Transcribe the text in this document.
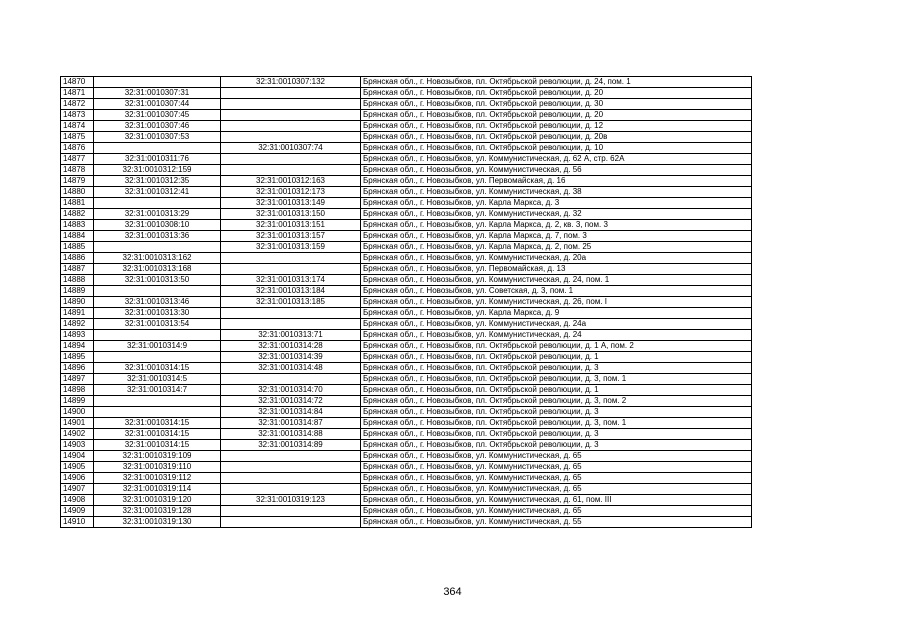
14870		32:31:0010307:132	Брянская обл., г. Новозыбков, пл. Октябрьской революции, д. 24, пом. 1
14871	32:31:0010307:31		Брянская обл., г. Новозыбков, пл. Октябрьской революции, д. 20
14872	32:31:0010307:44		Брянская обл., г. Новозыбков, пл. Октябрьской революции, д. 30
14873	32:31:0010307:45		Брянская обл., г. Новозыбков, пл. Октябрьской революции, д. 20
14874	32:31:0010307:46		Брянская обл., г. Новозыбков, пл. Октябрьской революции, д. 12
14875	32:31:0010307:53		Брянская обл., г. Новозыбков, пл. Октябрьской революции, д. 20в
14876		32:31:0010307:74	Брянская обл., г. Новозыбков, пл. Октябрьской революции, д. 10
14877	32:31:0010311:76		Брянская обл., г. Новозыбков, ул. Коммунистическая, д. 62 А, стр. 62А
14878	32:31:0010312:159		Брянская обл., г. Новозыбков, ул. Коммунистическая, д. 56
14879	32:31:0010312:35	32:31:0010312:163	Брянская обл., г. Новозыбков, ул. Первомайская, д. 16
14880	32:31:0010312:41	32:31:0010312:173	Брянская обл., г. Новозыбков, ул. Коммунистическая, д. 38
14881		32:31:0010313:149	Брянская обл., г. Новозыбков, ул. Карла Маркса, д. 3
14882	32:31:0010313:29	32:31:0010313:150	Брянская обл., г. Новозыбков, ул. Коммунистическая, д. 32
14883	32:31:0010308:10	32:31:0010313:151	Брянская обл., г. Новозыбков, ул. Карла Маркса, д. 2, кв. 3, пом. 3
14884	32:31:0010313:36	32:31:0010313:157	Брянская обл., г. Новозыбков, ул. Карла Маркса, д. 7, пом. 3
14885		32:31:0010313:159	Брянская обл., г. Новозыбков, ул. Карла Маркса, д. 2, пом. 25
14886	32:31:0010313:162		Брянская обл., г. Новозыбков, ул. Коммунистическая, д. 20а
14887	32:31:0010313:168		Брянская обл., г. Новозыбков, ул. Первомайская, д. 13
14888	32:31:0010313:50	32:31:0010313:174	Брянская обл., г. Новозыбков, ул. Коммунистическая, д. 24, пом. 1
14889		32:31:0010313:184	Брянская обл., г. Новозыбков, ул. Советская, д. 3, пом. 1
14890	32:31:0010313:46	32:31:0010313:185	Брянская обл., г. Новозыбков, ул. Коммунистическая, д. 26, пом. I
14891	32:31:0010313:30		Брянская обл., г. Новозыбков, ул. Карла Маркса, д. 9
14892	32:31:0010313:54		Брянская обл., г. Новозыбков, ул. Коммунистическая, д. 24а
14893		32:31:0010313:71	Брянская обл., г. Новозыбков, ул. Коммунистическая, д. 24
14894	32:31:0010314:9	32:31:0010314:28	Брянская обл., г. Новозыбков, пл. Октябрьской революции, д. 1 А, пом. 2
14895		32:31:0010314:39	Брянская обл., г. Новозыбков, пл. Октябрьской революции, д. 1
14896	32:31:0010314:15	32:31:0010314:48	Брянская обл., г. Новозыбков, пл. Октябрьской революции, д. 3
14897	32:31:0010314:5		Брянская обл., г. Новозыбков, пл. Октябрьской революции, д. 3, пом. 1
14898	32:31:0010314:7	32:31:0010314:70	Брянская обл., г. Новозыбков, пл. Октябрьской революции, д. 1
14899		32:31:0010314:72	Брянская обл., г. Новозыбков, пл. Октябрьской революции, д. 3, пом. 2
14900		32:31:0010314:84	Брянская обл., г. Новозыбков, пл. Октябрьской революции, д. 3
14901	32:31:0010314:15	32:31:0010314:87	Брянская обл., г. Новозыбков, пл. Октябрьской революции, д. 3, пом. 1
14902	32:31:0010314:15	32:31:0010314:88	Брянская обл., г. Новозыбков, пл. Октябрьской революции, д. 3
14903	32:31:0010314:15	32:31:0010314:89	Брянская обл., г. Новозыбков, пл. Октябрьской революции, д. 3
14904	32:31:0010319:109		Брянская обл., г. Новозыбков, ул. Коммунистическая, д. 65
14905	32:31:0010319:110		Брянская обл., г. Новозыбков, ул. Коммунистическая, д. 65
14906	32:31:0010319:112		Брянская обл., г. Новозыбков, ул. Коммунистическая, д. 65
14907	32:31:0010319:114		Брянская обл., г. Новозыбков, ул. Коммунистическая, д. 65
14908	32:31:0010319:120	32:31:0010319:123	Брянская обл., г. Новозыбков, ул. Коммунистическая, д. 61, пом. III
14909	32:31:0010319:128		Брянская обл., г. Новозыбков, ул. Коммунистическая, д. 65
14910	32:31:0010319:130		Брянская обл., г. Новозыбков, ул. Коммунистическая, д. 55
364
